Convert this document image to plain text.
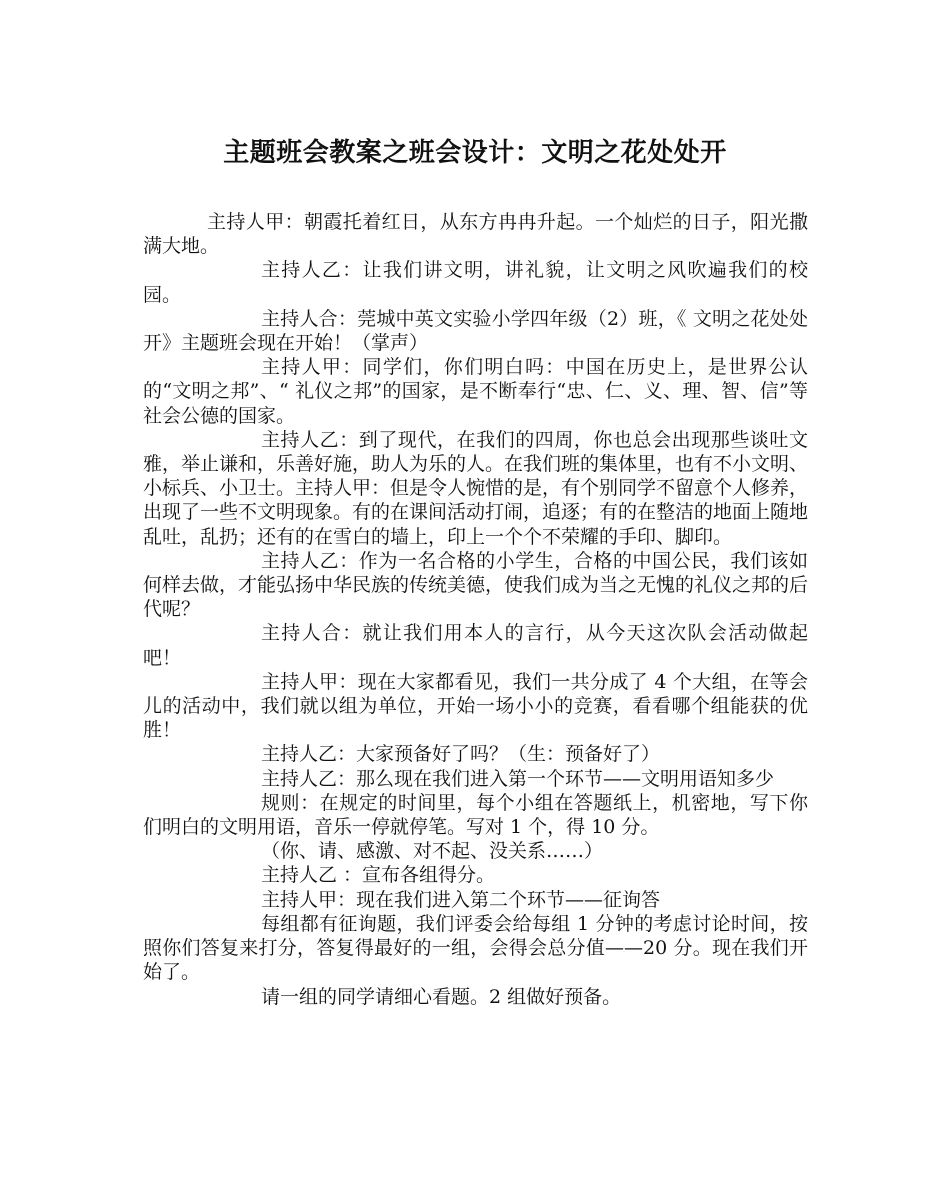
主题班会教案之班会设计：文明之花处处开

主持人甲：朝霞托着红日，从东方冉冉升起。一个灿烂的日子，阳光撒满大地。

主持人乙：让我们讲文明，讲礼貌，让文明之风吹遍我们的校园。

主持人合：莞城中英文实验小学四年级（2）班，《 文明之花处处开》主题班会现在开始！（掌声）

主持人甲：同学们，你们明白吗：中国在历史上，是世界公认的“文明之邦”、“ 礼仪之邦”的国家，是不断奉行“忠、仁、义、理、智、信”等社会公德的国家。

主持人乙：到了现代，在我们的四周，你也总会出现那些谈吐文雅，举止谦和，乐善好施，助人为乐的人。在我们班的集体里，也有不小文明、小标兵、小卫士。主持人甲：但是令人惋惜的是，有个别同学不留意个人修养，出现了一些不文明现象。有的在课间活动打闹，追逐；有的在整洁的地面上随地乱吐，乱扔；还有的在雪白的墙上，印上一个个不荣耀的手印、脚印。

主持人乙：作为一名合格的小学生，合格的中国公民，我们该如何样去做，才能弘扬中华民族的传统美德，使我们成为当之无愧的礼仪之邦的后代呢？

主持人合：就让我们用本人的言行，从今天这次队会活动做起吧！

主持人甲：现在大家都看见，我们一共分成了 4 个大组，在等会儿的活动中，我们就以组为单位，开始一场小小的竞赛，看看哪个组能获的优胜！

主持人乙：大家预备好了吗？（生：预备好了）

主持人乙：那么现在我们进入第一个环节——文明用语知多少

规则：在规定的时间里，每个小组在答题纸上，机密地，写下你们明白的文明用语，音乐一停就停笔。写对 1 个，得 10 分。

（你、请、感激、对不起、没关系……）

主持人乙 ：宣布各组得分。

主持人甲：现在我们进入第二个环节——征询答

每组都有征询题，我们评委会给每组 1 分钟的考虑讨论时间，按照你们答复来打分，答复得最好的一组，会得会总分值——20 分。现在我们开始了。

请一组的同学请细心看题。2 组做好预备。
